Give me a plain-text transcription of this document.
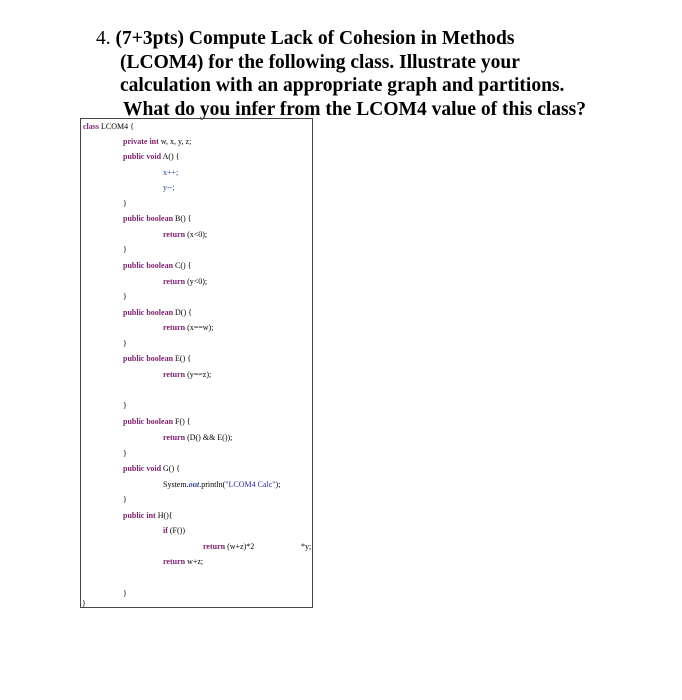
4. (7+3pts) Compute Lack of Cohesion in Methods
(LCOM4) for the following class. Illustrate your
calculation with an appropriate graph and partitions.
What do you infer from the LCOM4 value of this class?
class LCOM4 {
private int w, x, y, z;
public void A() {
x++;
y--;
}
public boolean B() {
return (x<0);
}
public boolean C() {
return (y<0);
}
public boolean D() {
return (x==w);
}
public boolean E() {
return (y==z);
}
public boolean F() {
return (D() && E());
}
public void G() {
System.out.println("LCOM4 Calc");
}
public int H(){
if (F())
return (w+z)*2	*y;
return w+z;
}
}
